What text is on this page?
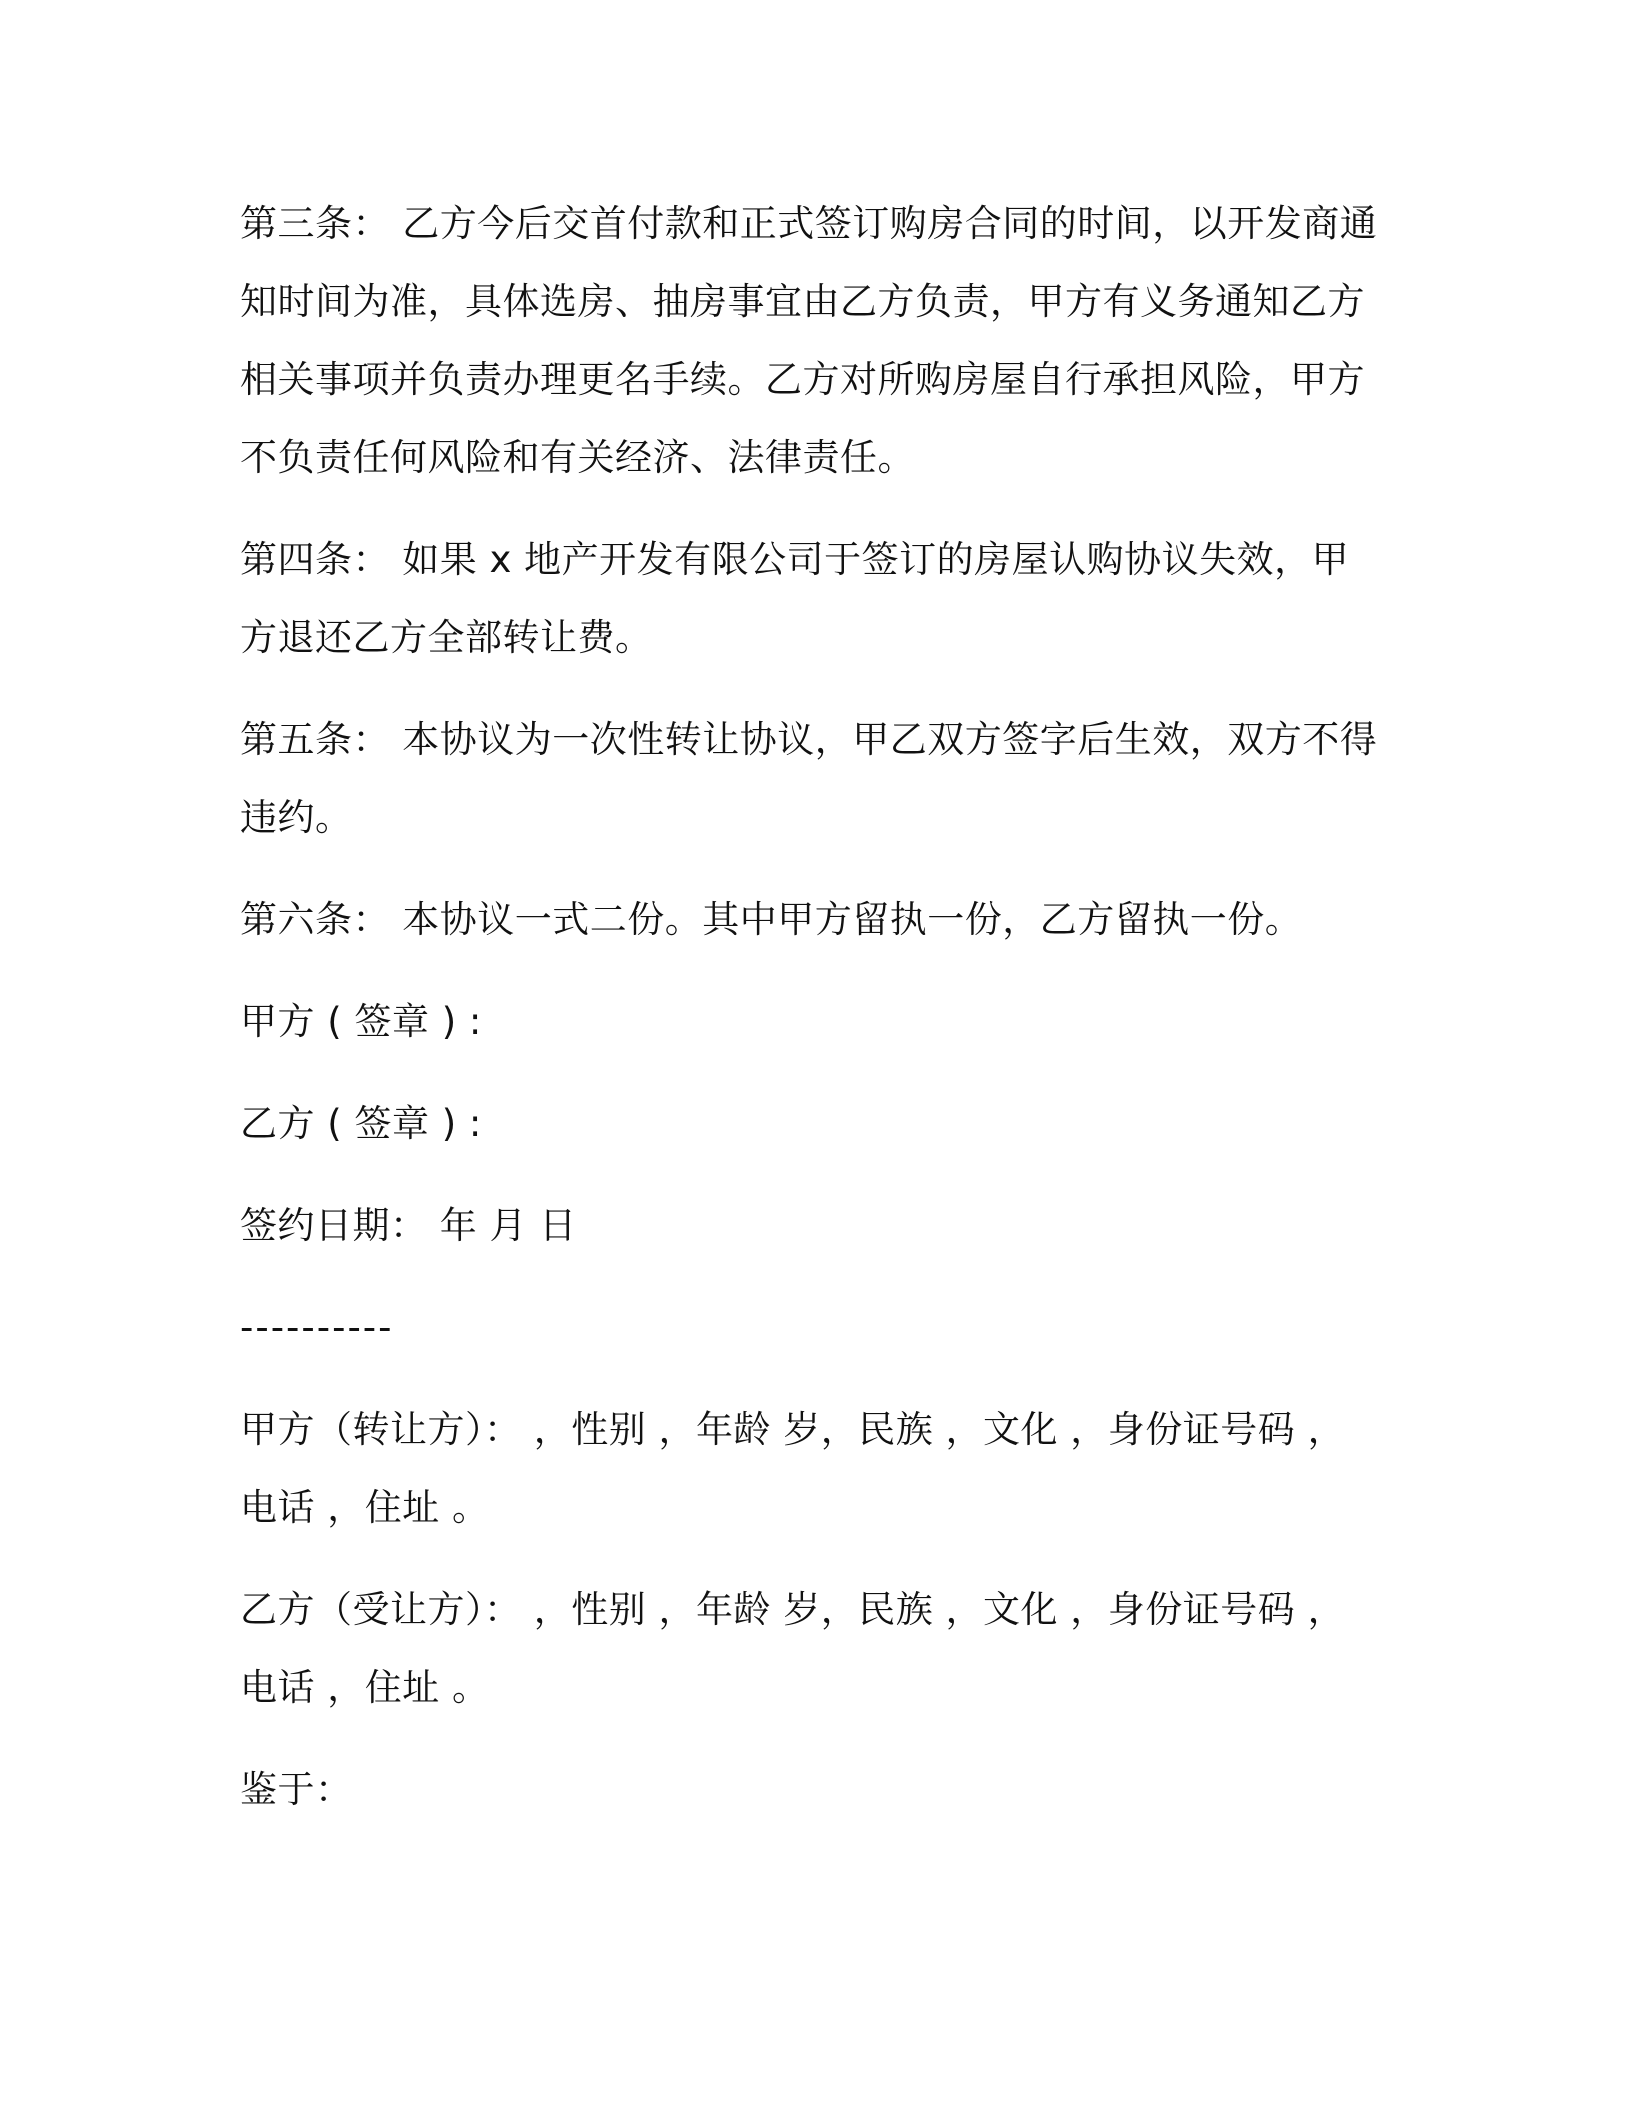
第三条： 乙方今后交首付款和正式签订购房合同的时间，以开发商通知时间为准，具体选房、抽房事宜由乙方负责，甲方有义务通知乙方相关事项并负责办理更名手续。乙方对所购房屋自行承担风险，甲方不负责任何风险和有关经济、法律责任。

第四条： 如果 x 地产开发有限公司于签订的房屋认购协议失效，甲方退还乙方全部转让费。

第五条： 本协议为一次性转让协议，甲乙双方签字后生效，双方不得违约。

第六条： 本协议一式二份。其中甲方留执一份，乙方留执一份。

甲方 ( 签章 ) :

乙方 ( 签章 ) :

签约日期： 年 月 日

----------

甲方（转让方）： ，性别 ，年龄 岁，民族 ，文化 ，身份证号码 ，电话 ，住址 。

乙方（受让方）： ，性别 ，年龄 岁，民族 ，文化 ，身份证号码 ，电话 ，住址 。

鉴于：
